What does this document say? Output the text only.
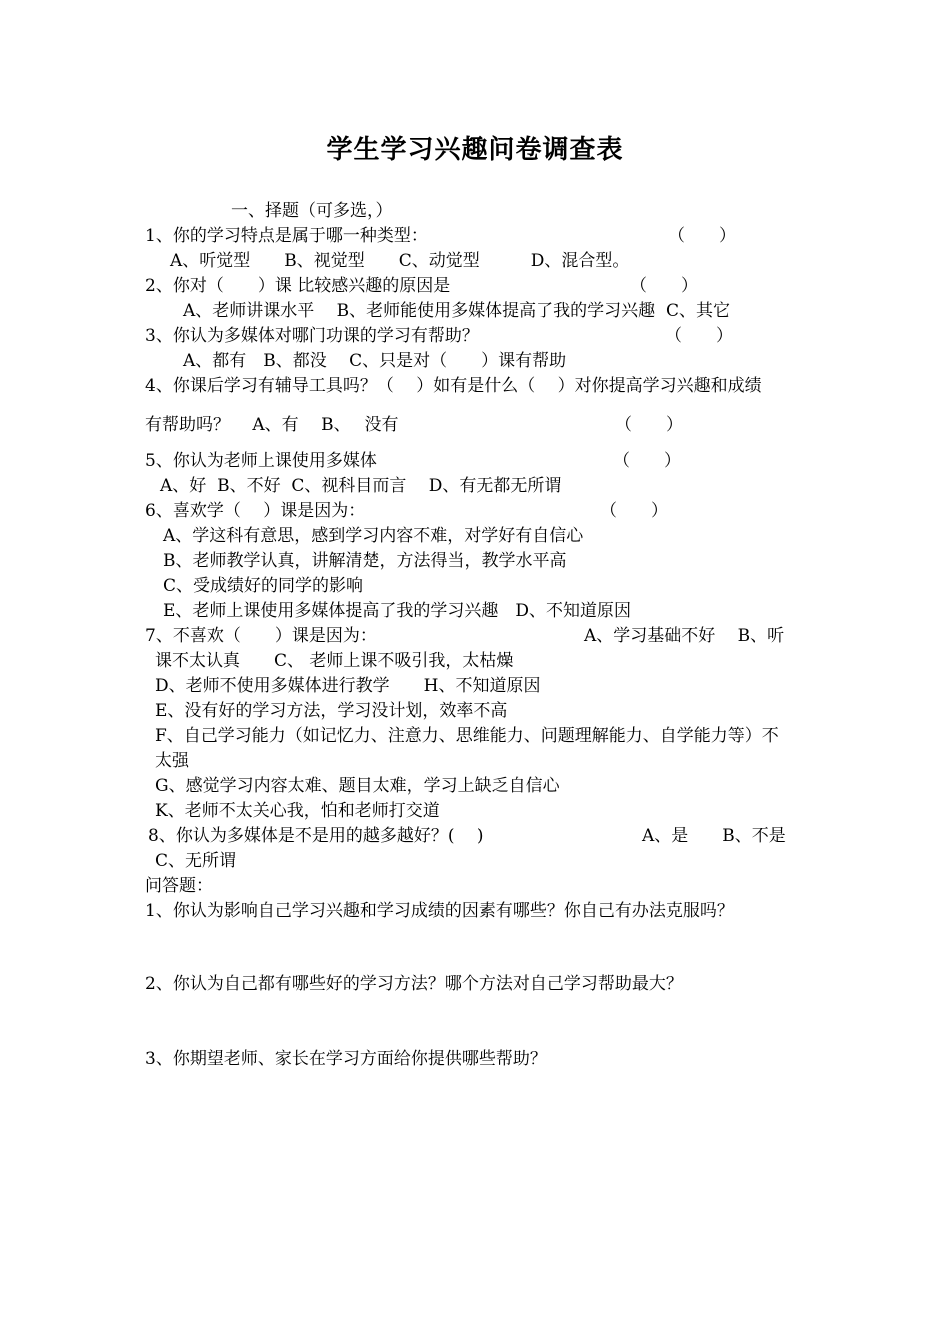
学生学习兴趣问卷调查表
一、择题（可多选，）
1、你的学习特点是属于哪一种类型：	（　　）
A、听觉型　　B、视觉型　　C、动觉型　　　D、混合型。
2、你对（　　）课 比较感兴趣的原因是	（　　）
A、老师讲课水平　 B、老师能使用多媒体提高了我的学习兴趣  C、其它
3、你认为多媒体对哪门功课的学习有帮助？	（　　）
A、都有　B、都没　 C、只是对（　　）课有帮助
4、你课后学习有辅导工具吗？（　 ）如有是什么（　 ）对你提高学习兴趣和成绩
有帮助吗？　 A、有　 B、　 没有	（　　）
5、你认为老师上课使用多媒体	（　　）
A、好  B、不好  C、视科目而言　 D、有无都无所谓
6、喜欢学（　 ）课是因为：	（　　）
A、学这科有意思，感到学习内容不难，对学好有自信心
B、老师教学认真，讲解清楚，方法得当，教学水平高
C、受成绩好的同学的影响
E、老师上课使用多媒体提高了我的学习兴趣　D、不知道原因
7、不喜欢（　　）课是因为：	A、学习基础不好　 B、听
课不太认真　　C、 老师上课不吸引我，太枯燥
D、老师不使用多媒体进行教学　　H、不知道原因
E、没有好的学习方法，学习没计划，效率不高
F、自己学习能力（如记忆力、注意力、思维能力、问题理解能力、自学能力等）不
太强
G、感觉学习内容太难、题目太难，学习上缺乏自信心
K、老师不太关心我，怕和老师打交道
8、你认为多媒体是不是用的越多越好？(　 )	A、是　　B、不是
C、无所谓
问答题：
1、你认为影响自己学习兴趣和学习成绩的因素有哪些？你自己有办法克服吗？
2、你认为自己都有哪些好的学习方法？哪个方法对自己学习帮助最大？
3、你期望老师、家长在学习方面给你提供哪些帮助？
